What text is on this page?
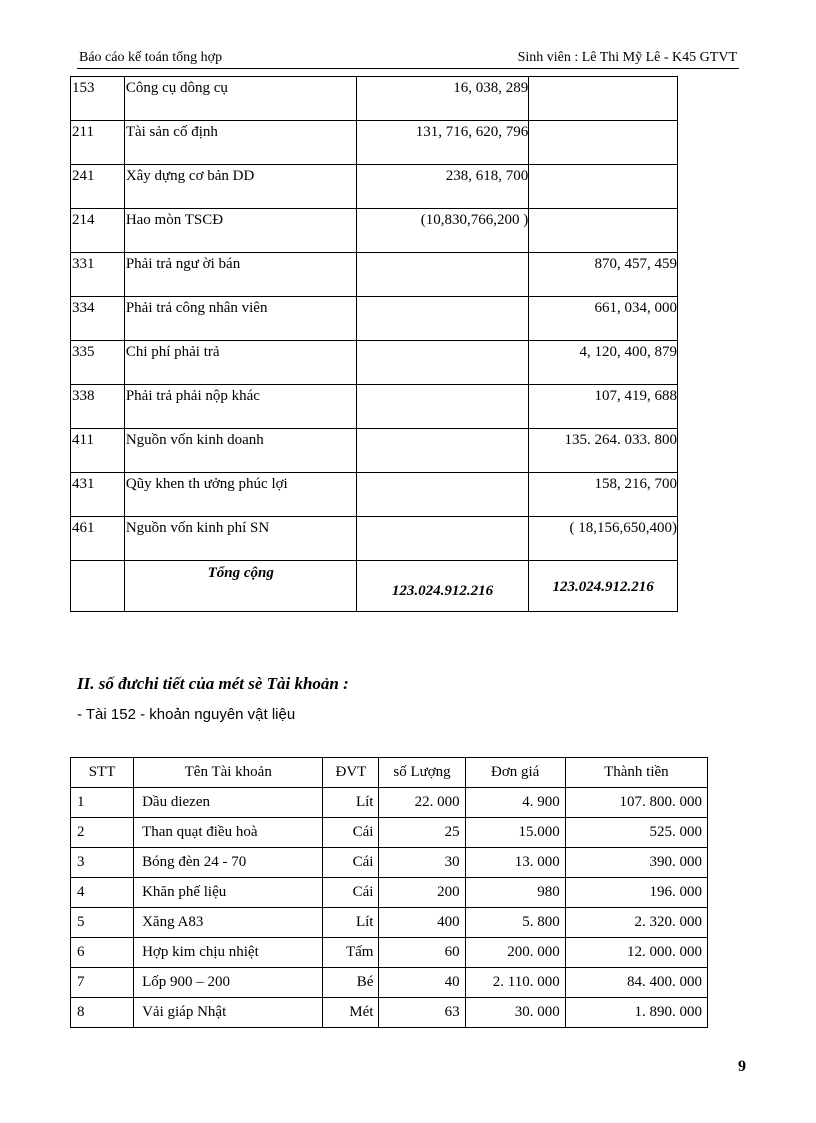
Báo cáo kế toán tổng hợp	Sinh viên : Lê Thi Mỹ Lê - K45 GTVT
153	Công cụ dông cụ	16, 038, 289	
211	Tài sản cố định	131, 716, 620, 796	
241	Xây dựng cơ bản DD	238, 618, 700	
214	Hao mòn TSCĐ	(10,830,766,200 )	
331	Phải trả ngư ời bán		870, 457, 459
334	Phải trả công nhân viên		661, 034, 000
335	Chi phí phải trả		4, 120, 400, 879
338	Phải trả phải nộp khác		107, 419, 688
411	Nguồn vốn kinh doanh		135. 264. 033. 800
431	Qũy khen th ưởng phúc lợi		158, 216, 700
461	Nguồn vốn kinh phí SN		( 18,156,650,400)
	Tổng cộng	123.024.912.216	123.024.912.216
II. số đưchi tiết của mét sè Tài khoản :
- Tài 152 - khoản nguyên vật liệu
STT	Tên Tài khoản	ĐVT	số Lượng	Đơn giá	Thành tiền
1	Dầu diezen	Lít	22. 000	4. 900	107. 800. 000
2	Than quạt điều hoà	Cái	25	15.000	525. 000
3	Bóng đèn 24 - 70	Cái	30	13. 000	390. 000
4	Khăn phế liệu	Cái	200	980	196. 000
5	Xăng A83	Lít	400	5. 800	2. 320. 000
6	Hợp kim chịu nhiệt	Tấm	60	200. 000	12. 000. 000
7	Lốp 900 – 200	Bé	40	2. 110. 000	84. 400. 000
8	Vải giáp Nhật	Mét	63	30. 000	1. 890. 000
9
